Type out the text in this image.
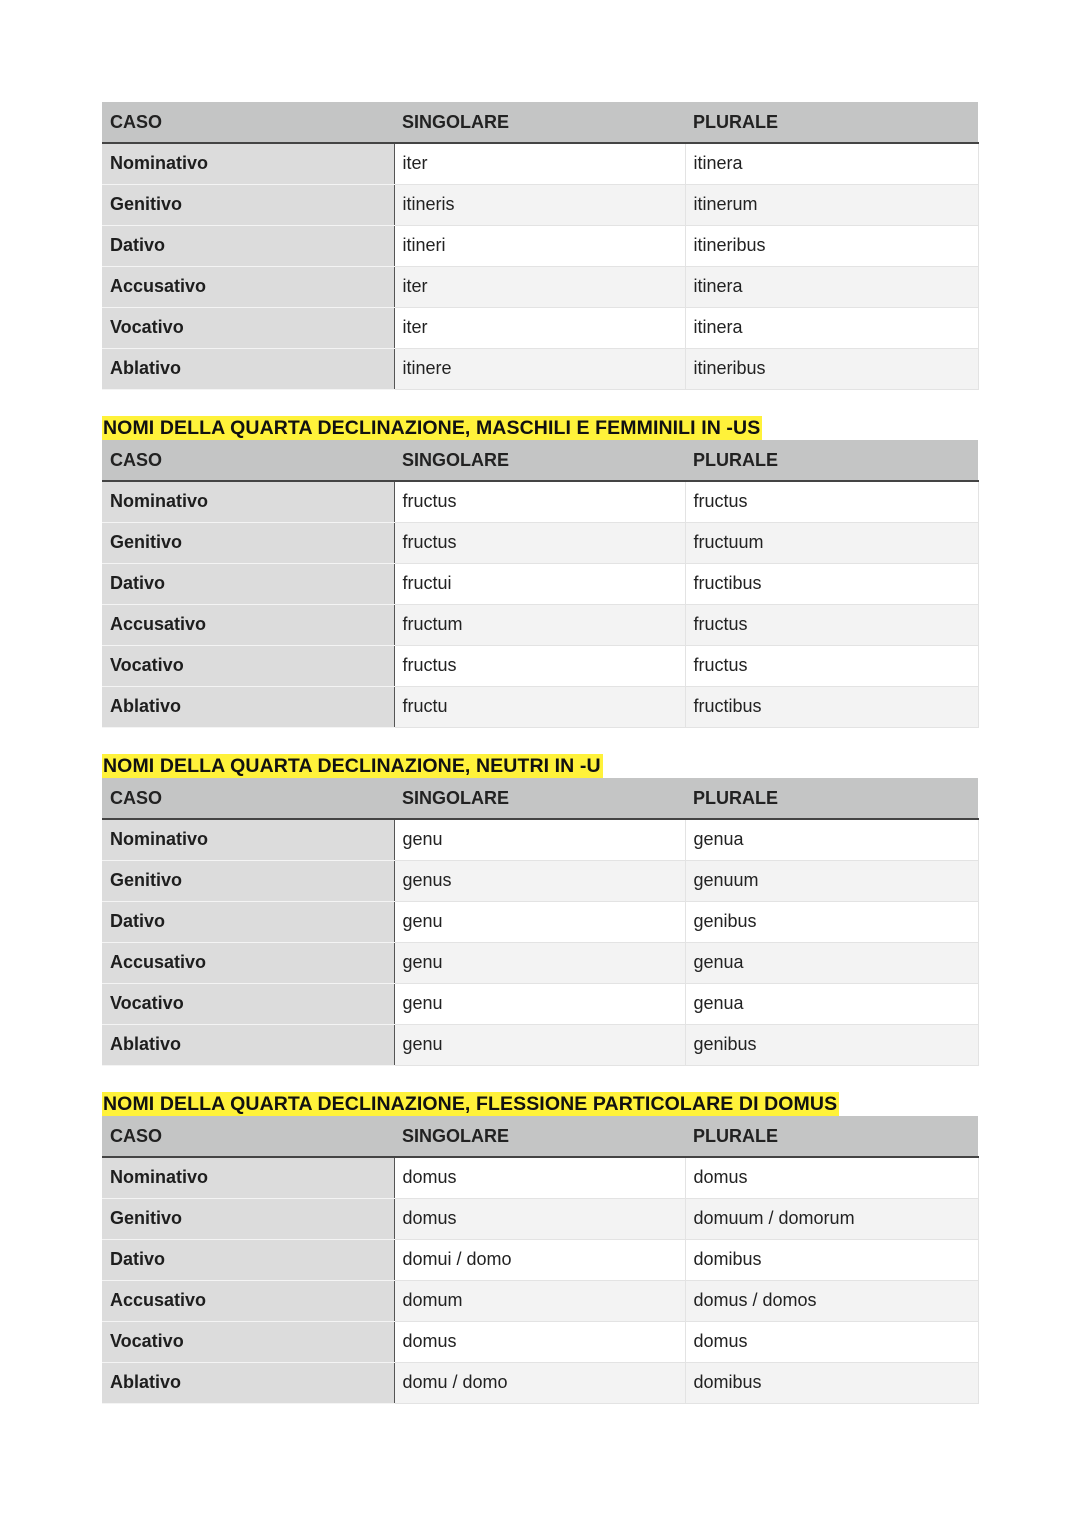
CASO	SINGOLARE	PLURALE
Nominativo	iter	itinera
Genitivo	itineris	itinerum
Dativo	itineri	itineribus
Accusativo	iter	itinera
Vocativo	iter	itinera
Ablativo	itinere	itineribus
NOMI DELLA QUARTA DECLINAZIONE, MASCHILI E FEMMINILI IN -US
CASO	SINGOLARE	PLURALE
Nominativo	fructus	fructus
Genitivo	fructus	fructuum
Dativo	fructui	fructibus
Accusativo	fructum	fructus
Vocativo	fructus	fructus
Ablativo	fructu	fructibus
NOMI DELLA QUARTA DECLINAZIONE, NEUTRI IN -U
CASO	SINGOLARE	PLURALE
Nominativo	genu	genua
Genitivo	genus	genuum
Dativo	genu	genibus
Accusativo	genu	genua
Vocativo	genu	genua
Ablativo	genu	genibus
NOMI DELLA QUARTA DECLINAZIONE, FLESSIONE PARTICOLARE DI DOMUS
CASO	SINGOLARE	PLURALE
Nominativo	domus	domus
Genitivo	domus	domuum / domorum
Dativo	domui / domo	domibus
Accusativo	domum	domus / domos
Vocativo	domus	domus
Ablativo	domu / domo	domibus
